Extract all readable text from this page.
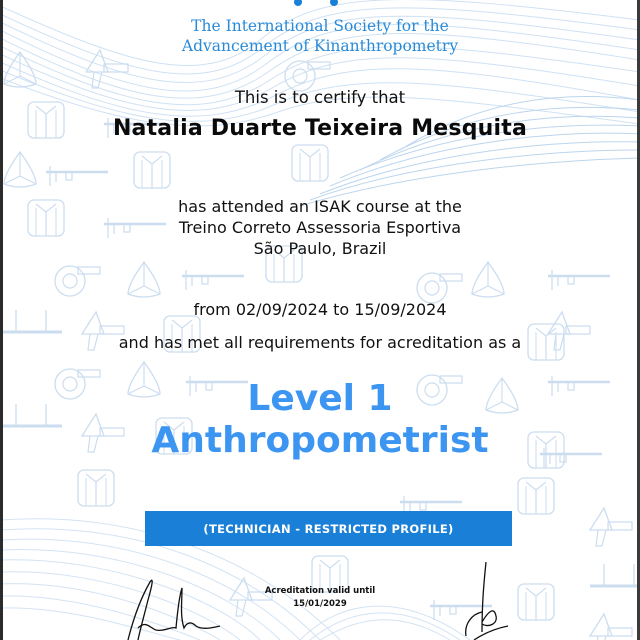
The International Society for the
Advancement of Kinanthropometry
This is to certify that
Natalia Duarte Teixeira Mesquita
has attended an ISAK course at the
Treino Correto Assessoria Esportiva
São Paulo, Brazil
from 02/09/2024 to 15/09/2024
and has met all requirements for acreditation as a
Level 1
Anthropometrist
(TECHNICIAN - RESTRICTED PROFILE)
Acreditation valid until
15/01/2029
